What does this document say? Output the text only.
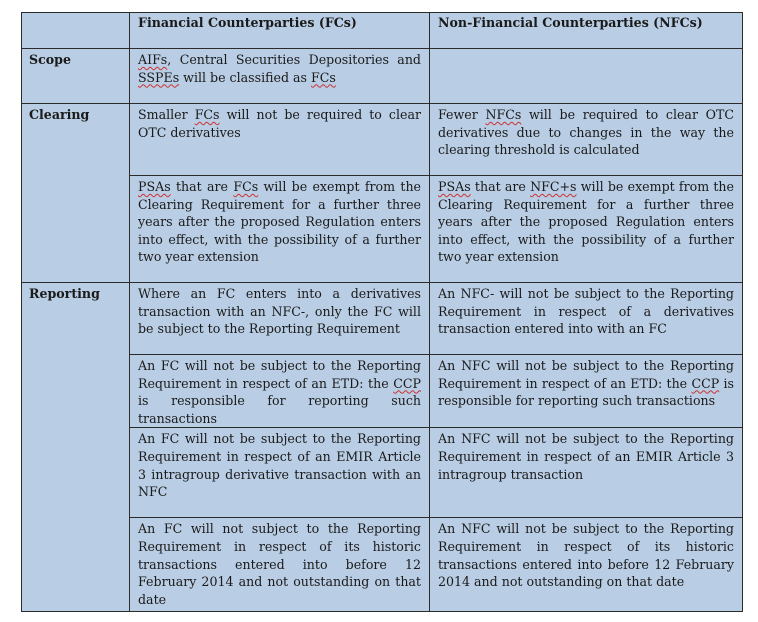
	Financial Counterparties (FCs)	Non-Financial Counterparties (NFCs)
Scope	AIFs, Central Securities Depositories and SSPEs will be classified as FCs	
Clearing	Smaller FCs will not be required to clear OTC derivatives	Fewer NFCs will be required to clear OTC derivatives due to changes in the way the clearing threshold is calculated
	PSAs that are FCs will be exempt from the Clearing Requirement for a further three years after the proposed Regulation enters into effect, with the possibility of a further two year extension	PSAs that are NFC+s will be exempt from the Clearing Requirement for a further three years after the proposed Regulation enters into effect, with the possibility of a further two year extension
Reporting	Where an FC enters into a derivatives transaction with an NFC-, only the FC will be subject to the Reporting Requirement	An NFC- will not be subject to the Reporting Requirement in respect of a derivatives transaction entered into with an FC
	An FC will not be subject to the Reporting Requirement in respect of an ETD: the CCP is responsible for reporting such transactions	An NFC will not be subject to the Reporting Requirement in respect of an ETD: the CCP is responsible for reporting such transactions
	An FC will not be subject to the Reporting Requirement in respect of an EMIR Article 3 intragroup derivative transaction with an NFC	An NFC will not be subject to the Reporting Requirement in respect of an EMIR Article 3 intragroup transaction
	An FC will not subject to the Reporting Requirement in respect of its historic transactions entered into before 12 February 2014 and not outstanding on that date	An NFC will not be subject to the Reporting Requirement in respect of its historic transactions entered into before 12 February 2014 and not outstanding on that date
